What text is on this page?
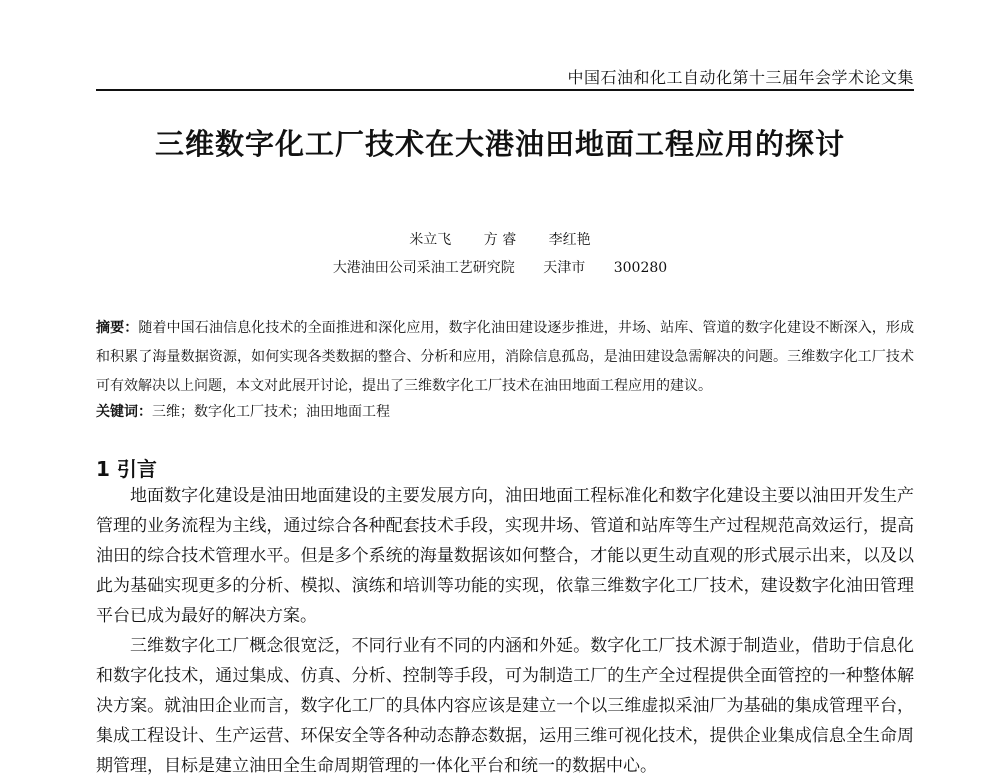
中国石油和化工自动化第十三届年会学术论文集
三维数字化工厂技术在大港油田地面工程应用的探讨
米立飞 方 睿 李红艳
大港油田公司采油工艺研究院 天津市 300280
摘要：随着中国石油信息化技术的全面推进和深化应用，数字化油田建设逐步推进，井场、站库、管道的数字化建设不断深入，形成和积累了海量数据资源，如何实现各类数据的整合、分析和应用，消除信息孤岛，是油田建设急需解决的问题。三维数字化工厂技术可有效解决以上问题，本文对此展开讨论，提出了三维数字化工厂技术在油田地面工程应用的建议。
关键词：三维；数字化工厂技术；油田地面工程
1 引言

地面数字化建设是油田地面建设的主要发展方向，油田地面工程标准化和数字化建设主要以油田开发生产管理的业务流程为主线，通过综合各种配套技术手段，实现井场、管道和站库等生产过程规范高效运行，提高油田的综合技术管理水平。但是多个系统的海量数据该如何整合，才能以更生动直观的形式展示出来，以及以此为基础实现更多的分析、模拟、演练和培训等功能的实现，依靠三维数字化工厂技术，建设数字化油田管理平台已成为最好的解决方案。

三维数字化工厂概念很宽泛，不同行业有不同的内涵和外延。数字化工厂技术源于制造业，借助于信息化和数字化技术，通过集成、仿真、分析、控制等手段，可为制造工厂的生产全过程提供全面管控的一种整体解决方案。就油田企业而言，数字化工厂的具体内容应该是建立一个以三维虚拟采油厂为基础的集成管理平台，集成工程设计、生产运营、环保安全等各种动态静态数据，运用三维可视化技术，提供企业集成信息全生命周期管理，目标是建立油田全生命周期管理的一体化平台和统一的数据中心。
